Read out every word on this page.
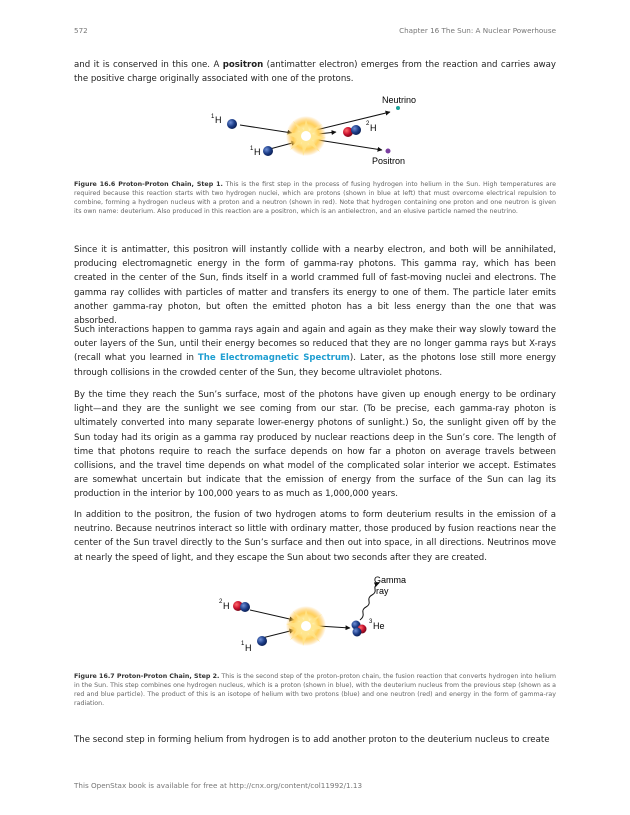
572	Chapter 16 The Sun: A Nuclear Powerhouse
and it is conserved in this one. A positron (antimatter electron) emerges from the reaction and carries away the positive charge originally associated with one of the protons.
1 H
1 H
2 H
Neutrino
Positron
Figure 16.6 Proton-Proton Chain, Step 1. This is the first step in the process of fusing hydrogen into helium in the Sun. High temperatures are required because this reaction starts with two hydrogen nuclei, which are protons (shown in blue at left) that must overcome electrical repulsion to combine, forming a hydrogen nucleus with a proton and a neutron (shown in red). Note that hydrogen containing one proton and one neutron is given its own name: deuterium. Also produced in this reaction are a positron, which is an antielectron, and an elusive particle named the neutrino.
Since it is antimatter, this positron will instantly collide with a nearby electron, and both will be annihilated, producing electromagnetic energy in the form of gamma-ray photons. This gamma ray, which has been created in the center of the Sun, finds itself in a world crammed full of fast-moving nuclei and electrons. The gamma ray collides with particles of matter and transfers its energy to one of them. The particle later emits another gamma-ray photon, but often the emitted photon has a bit less energy than the one that was absorbed.
Such interactions happen to gamma rays again and again and again as they make their way slowly toward the outer layers of the Sun, until their energy becomes so reduced that they are no longer gamma rays but X-rays (recall what you learned in The Electromagnetic Spectrum). Later, as the photons lose still more energy through collisions in the crowded center of the Sun, they become ultraviolet photons.
By the time they reach the Sun’s surface, most of the photons have given up enough energy to be ordinary light—and they are the sunlight we see coming from our star. (To be precise, each gamma-ray photon is ultimately converted into many separate lower-energy photons of sunlight.) So, the sunlight given off by the Sun today had its origin as a gamma ray produced by nuclear reactions deep in the Sun’s core. The length of time that photons require to reach the surface depends on how far a photon on average travels between collisions, and the travel time depends on what model of the complicated solar interior we accept. Estimates are somewhat uncertain but indicate that the emission of energy from the surface of the Sun can lag its production in the interior by 100,000 years to as much as 1,000,000 years.
In addition to the positron, the fusion of two hydrogen atoms to form deuterium results in the emission of a neutrino. Because neutrinos interact so little with ordinary matter, those produced by fusion reactions near the center of the Sun travel directly to the Sun’s surface and then out into space, in all directions. Neutrinos move at nearly the speed of light, and they escape the Sun about two seconds after they are created.
2 H
1 H
3 He
Gamma
ray
Figure 16.7 Proton-Proton Chain, Step 2. This is the second step of the proton-proton chain, the fusion reaction that converts hydrogen into helium in the Sun. This step combines one hydrogen nucleus, which is a proton (shown in blue), with the deuterium nucleus from the previous step (shown as a red and blue particle). The product of this is an isotope of helium with two protons (blue) and one neutron (red) and energy in the form of gamma-ray radiation.
The second step in forming helium from hydrogen is to add another proton to the deuterium nucleus to create
This OpenStax book is available for free at http://cnx.org/content/col11992/1.13
